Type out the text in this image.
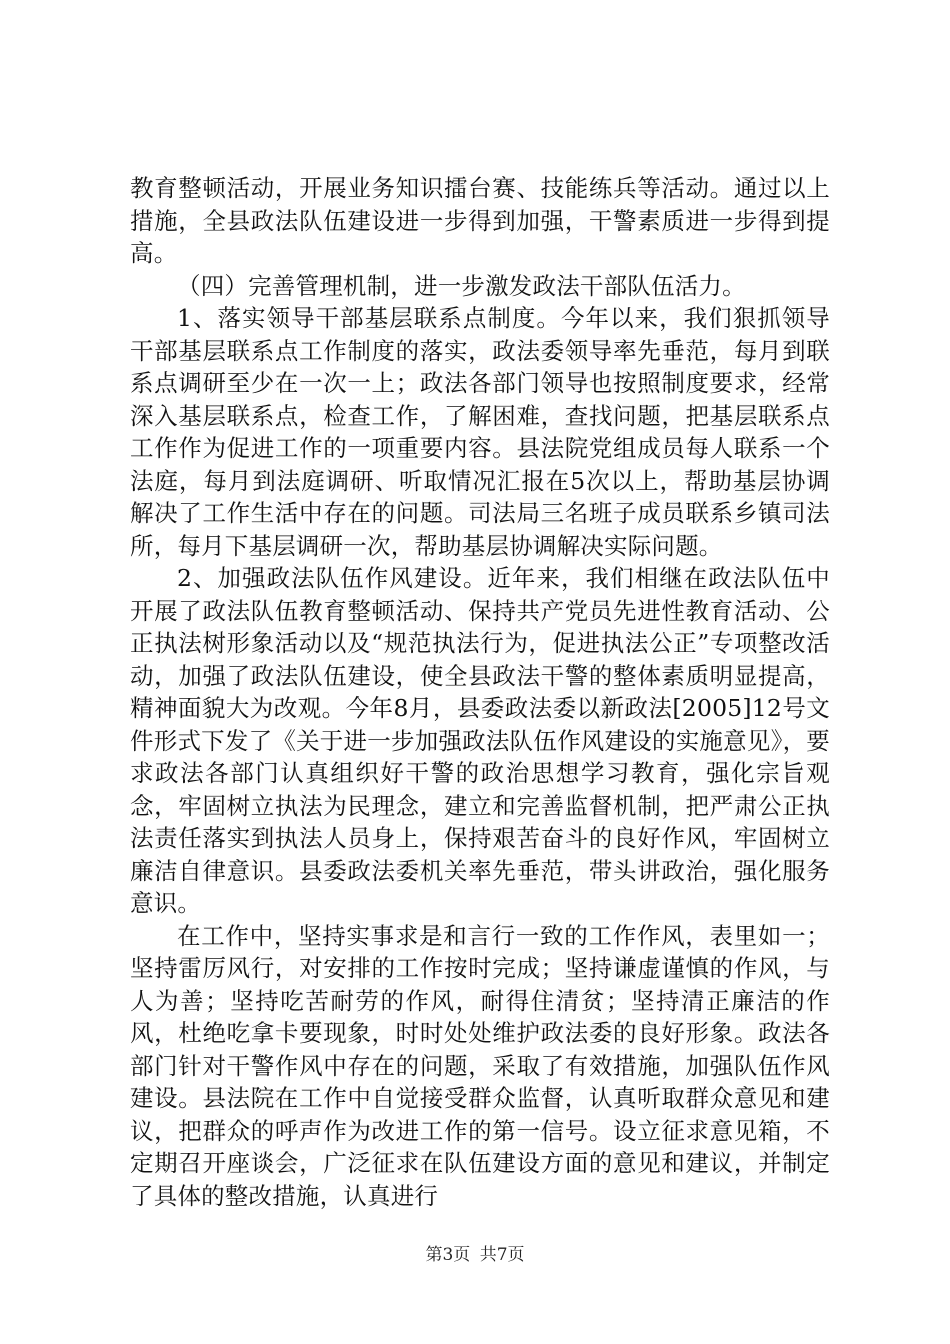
教育整顿活动，开展业务知识擂台赛、技能练兵等活动。通过以上措施，全县政法队伍建设进一步得到加强，干警素质进一步得到提高。

（四）完善管理机制，进一步激发政法干部队伍活力。

1、落实领导干部基层联系点制度。今年以来，我们狠抓领导干部基层联系点工作制度的落实，政法委领导率先垂范，每月到联系点调研至少在一次一上；政法各部门领导也按照制度要求，经常深入基层联系点，检查工作，了解困难，查找问题，把基层联系点工作作为促进工作的一项重要内容。县法院党组成员每人联系一个法庭，每月到法庭调研、听取情况汇报在5次以上，帮助基层协调解决了工作生活中存在的问题。司法局三名班子成员联系乡镇司法所，每月下基层调研一次，帮助基层协调解决实际问题。

2、加强政法队伍作风建设。近年来，我们相继在政法队伍中开展了政法队伍教育整顿活动、保持共产党员先进性教育活动、公正执法树形象活动以及“规范执法行为，促进执法公正”专项整改活动，加强了政法队伍建设，使全县政法干警的整体素质明显提高，精神面貌大为改观。今年8月，县委政法委以新政法[2005]12号文件形式下发了《关于进一步加强政法队伍作风建设的实施意见》，要求政法各部门认真组织好干警的政治思想学习教育，强化宗旨观念，牢固树立执法为民理念，建立和完善监督机制，把严肃公正执法责任落实到执法人员身上，保持艰苦奋斗的良好作风，牢固树立廉洁自律意识。县委政法委机关率先垂范，带头讲政治，强化服务意识。

在工作中，坚持实事求是和言行一致的工作作风，表里如一；坚持雷厉风行，对安排的工作按时完成；坚持谦虚谨慎的作风，与人为善；坚持吃苦耐劳的作风，耐得住清贫；坚持清正廉洁的作风，杜绝吃拿卡要现象，时时处处维护政法委的良好形象。政法各部门针对干警作风中存在的问题，采取了有效措施，加强队伍作风建设。县法院在工作中自觉接受群众监督，认真听取群众意见和建议，把群众的呼声作为改进工作的第一信号。设立征求意见箱，不定期召开座谈会，广泛征求在队伍建设方面的意见和建议，并制定了具体的整改措施，认真进行

第3页 共7页
